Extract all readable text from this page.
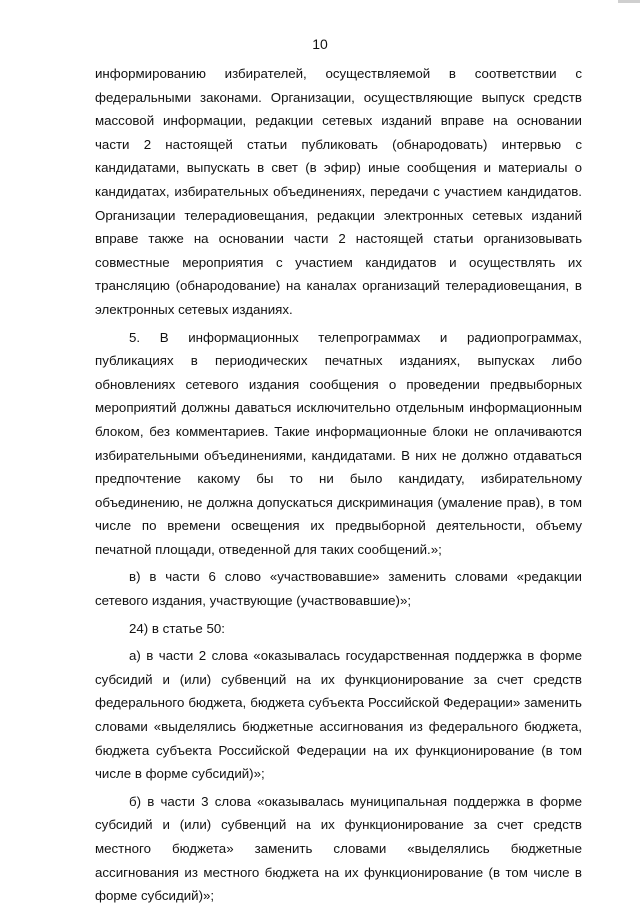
10

информированию избирателей, осуществляемой в соответствии с федеральными законами. Организации, осуществляющие выпуск средств массовой информации, редакции сетевых изданий вправе на основании части 2 настоящей статьи публиковать (обнародовать) интервью с кандидатами, выпускать в свет (в эфир) иные сообщения и материалы о кандидатах, избирательных объединениях, передачи с участием кандидатов. Организации телерадиовещания, редакции электронных сетевых изданий вправе также на основании части 2 настоящей статьи организовывать совместные мероприятия с участием кандидатов и осуществлять их трансляцию (обнародование) на каналах организаций телерадиовещания, в электронных сетевых изданиях.

5. В информационных телепрограммах и радиопрограммах, публикациях в периодических печатных изданиях, выпусках либо обновлениях сетевого издания сообщения о проведении предвыборных мероприятий должны даваться исключительно отдельным информационным блоком, без комментариев. Такие информационные блоки не оплачиваются избирательными объединениями, кандидатами. В них не должно отдаваться предпочтение какому бы то ни было кандидату, избирательному объединению, не должна допускаться дискриминация (умаление прав), в том числе по времени освещения их предвыборной деятельности, объему печатной площади, отведенной для таких сообщений.»;

в) в части 6 слово «участвовавшие» заменить словами «редакции сетевого издания, участвующие (участвовавшие)»;

24) в статье 50:

а) в части 2 слова «оказывалась государственная поддержка в форме субсидий и (или) субвенций на их функционирование за счет средств федерального бюджета, бюджета субъекта Российской Федерации» заменить словами «выделялись бюджетные ассигнования из федерального бюджета, бюджета субъекта Российской Федерации на их функционирование (в том числе в форме субсидий)»;

б) в части 3 слова «оказывалась муниципальная поддержка в форме субсидий и (или) субвенций на их функционирование за счет средств местного бюджета» заменить словами «выделялись бюджетные ассигнования из местного бюджета на их функционирование (в том числе в форме субсидий)»;
